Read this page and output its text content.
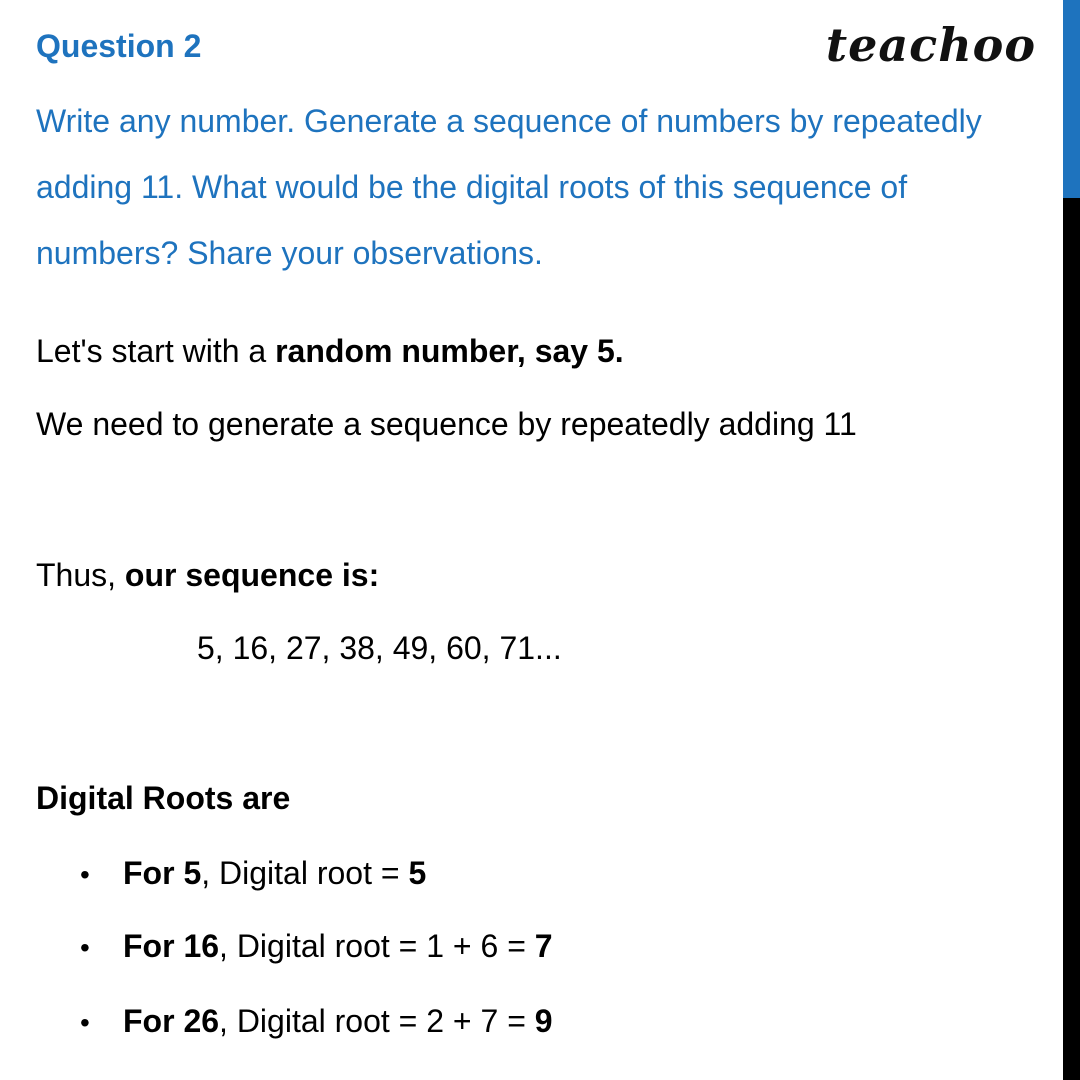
Question 2	teachoo

Write any number. Generate a sequence of numbers by repeatedly adding 11. What would be the digital roots of this sequence of numbers? Share your observations.

Let's start with a random number, say 5.
We need to generate a sequence by repeatedly adding 11
Thus, our sequence is:
5, 16, 27, 38, 49, 60, 71...
Digital Roots are
• For 5, Digital root = 5
• For 16, Digital root = 1 + 6 = 7
• For 26, Digital root = 2 + 7 = 9
